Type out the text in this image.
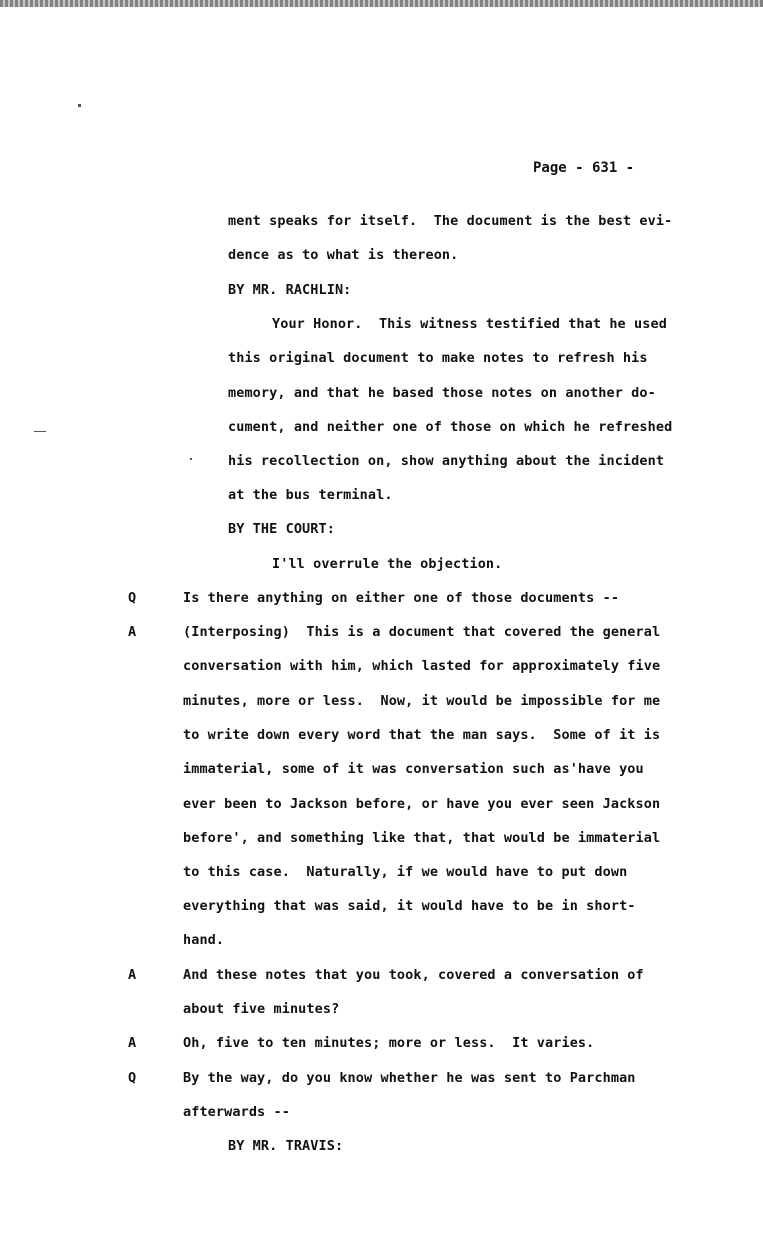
Page - 631 -
ment speaks for itself.  The document is the best evi-
dence as to what is thereon.
BY MR. RACHLIN:
Your Honor.  This witness testified that he used
this original document to make notes to refresh his
memory, and that he based those notes on another do-
cument, and neither one of those on which he refreshed
his recollection on, show anything about the incident
at the bus terminal.
BY THE COURT:
I'll overrule the objection.
Q	Is there anything on either one of those documents --
A	(Interposing)  This is a document that covered the general
conversation with him, which lasted for approximately five
minutes, more or less.  Now, it would be impossible for me
to write down every word that the man says.  Some of it is
immaterial, some of it was conversation such as'have you
ever been to Jackson before, or have you ever seen Jackson
before', and something like that, that would be immaterial
to this case.  Naturally, if we would have to put down
everything that was said, it would have to be in short-
hand.
A	And these notes that you took, covered a conversation of
about five minutes?
A	Oh, five to ten minutes; more or less.  It varies.
Q	By the way, do you know whether he was sent to Parchman
afterwards --
BY MR. TRAVIS:
